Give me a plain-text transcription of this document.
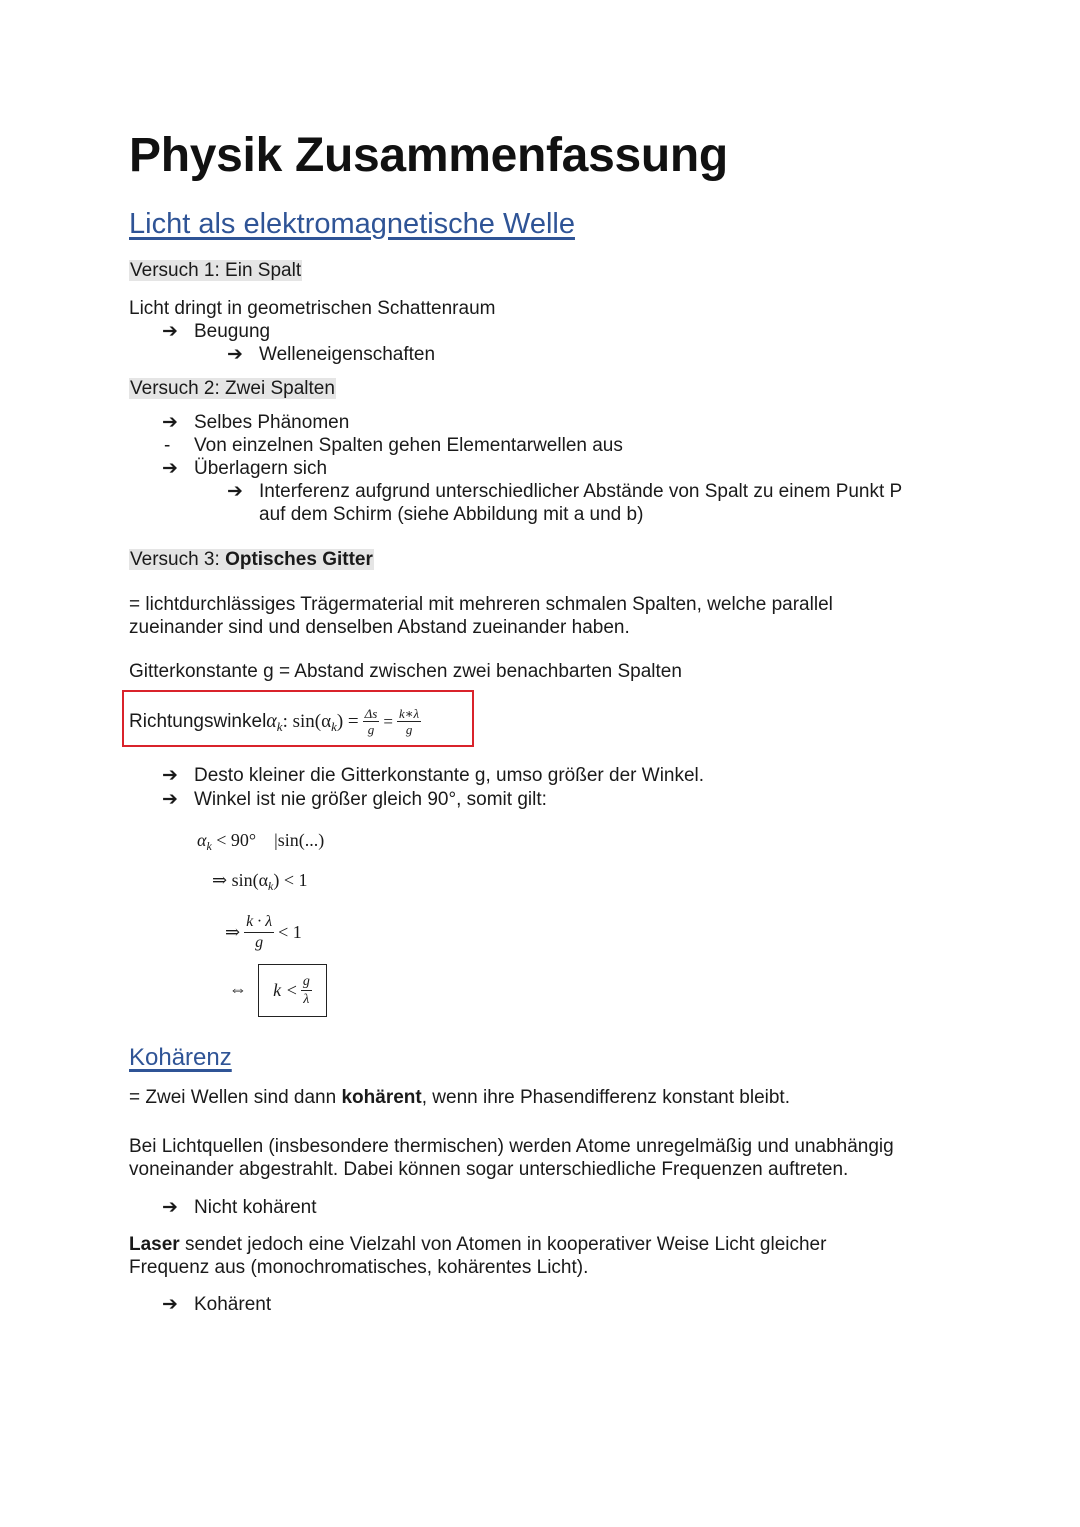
Physik Zusammenfassung
Licht als elektromagnetische Welle
Versuch 1: Ein Spalt
Licht dringt in geometrischen Schattenraum
➔ Beugung
➔ Welleneigenschaften
Versuch 2: Zwei Spalten
➔ Selbes Phänomen
- Von einzelnen Spalten gehen Elementarwellen aus
➔ Überlagern sich
➔ Interferenz aufgrund unterschiedlicher Abstände von Spalt zu einem Punkt P
auf dem Schirm (siehe Abbildung mit a und b)
Versuch 3: Optisches Gitter
= lichtdurchlässiges Trägermaterial mit mehreren schmalen Spalten, welche parallel
zueinander sind und denselben Abstand zueinander haben.
Gitterkonstante g = Abstand zwischen zwei benachbarten Spalten
Richtungswinkel α k : sin(α k ) = $\frac{\Delta s}{g} = \frac{k∗\lambda}{g}$
➔ Desto kleiner die Gitterkonstante g, umso größer der Winkel.
➔ Winkel ist nie größer gleich 90°, somit gilt:
$\alpha_k < 90^\circ$    |sin(...)
⇒ $\sin(\alpha_k) < 1$
⇒ $\frac{k \cdot \lambda}{g} < 1$
⇔ $k < \frac{g}{\lambda}$
Kohärenz
= Zwei Wellen sind dann kohärent, wenn ihre Phasendifferenz konstant bleibt.
Bei Lichtquellen (insbesondere thermischen) werden Atome unregelmäßig und unabhängig
voneinander abgestrahlt. Dabei können sogar unterschiedliche Frequenzen auftreten.
➔ Nicht kohärent
Laser sendet jedoch eine Vielzahl von Atomen in kooperativer Weise Licht gleicher
Frequenz aus (monochromatisches, kohärentes Licht).
➔ Kohärent
